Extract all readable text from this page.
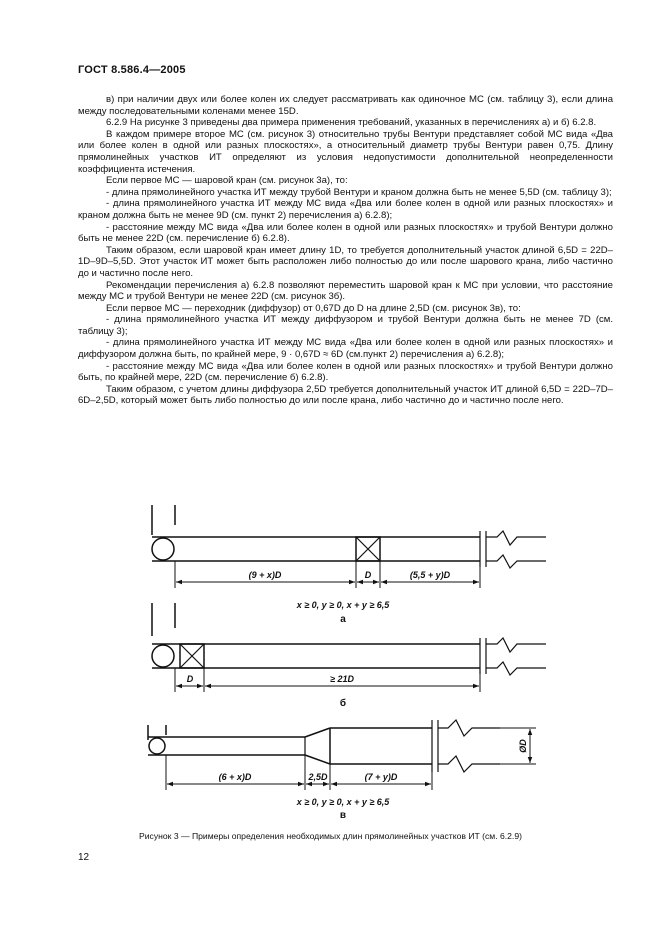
ГОСТ 8.586.4—2005

в) при наличии двух или более колен их следует рассматривать как одиночное МС (см. таблицу 3), если длина между последовательными коленами менее 15D.

6.2.9 На рисунке 3 приведены два примера применения требований, указанных в перечислениях а) и б) 6.2.8.

В каждом примере второе МС (см. рисунок 3) относительно трубы Вентури представляет собой МС вида «Два или более колен в одной или разных плоскостях», а относительный диаметр трубы Вентури равен 0,75. Длину прямолинейных участков ИТ определяют из условия недопустимости дополнительной неопределенности коэффициента истечения.

Если первое МС — шаровой кран (см. рисунок 3а), то:

- длина прямолинейного участка ИТ между трубой Вентури и краном должна быть не менее 5,5D (см. таблицу 3);

- длина прямолинейного участка ИТ между МС вида «Два или более колен в одной или разных плоскостях» и краном должна быть не менее 9D (см. пункт 2) перечисления а) 6.2.8);

- расстояние между МС вида «Два или более колен в одной или разных плоскостях» и трубой Вентури должно быть не менее 22D (см. перечисление б) 6.2.8).

Таким образом, если шаровой кран имеет длину 1D, то требуется дополнительный участок длиной 6,5D = 22D–1D–9D–5,5D. Этот участок ИТ может быть расположен либо полностью до или после шарового крана, либо частично до и частично после него.

Рекомендации перечисления а) 6.2.8 позволяют переместить шаровой кран к МС при условии, что расстояние между МС и трубой Вентури не менее 22D (см. рисунок 3б).

Если первое МС — переходник (диффузор) от 0,67D до D на длине 2,5D (см. рисунок 3в), то:

- длина прямолинейного участка ИТ между диффузором и трубой Вентури должна быть не менее 7D (см. таблицу 3);

- длина прямолинейного участка ИТ между МС вида «Два или более колен в одной или разных плоскостях» и диффузором должна быть, по крайней мере, 9 · 0,67D ≈ 6D (см.пункт 2) перечисления а) 6.2.8);

- расстояние между МС вида «Два или более колен в одной или разных плоскостях» и трубой Вентури должно быть, по крайней мере, 22D (см. перечисление б) 6.2.8).

Таким образом, с учетом длины диффузора 2,5D требуется дополнительный участок ИТ длиной 6,5D = 22D–7D–6D–2,5D, который может быть либо полностью до или после крана, либо частично до и частично после него.

(9 + x)D	D	(5,5 + y)D
x ≥ 0, y ≥ 0, x + y ≥ 6,5
а
D	≥ 21D
б
ØD
(6 + x)D	2,5D	(7 + y)D
x ≥ 0, y ≥ 0, x + y ≥ 6,5
в
Рисунок 3 — Примеры определения необходимых длин прямолинейных участков ИТ (см. 6.2.9)
12
